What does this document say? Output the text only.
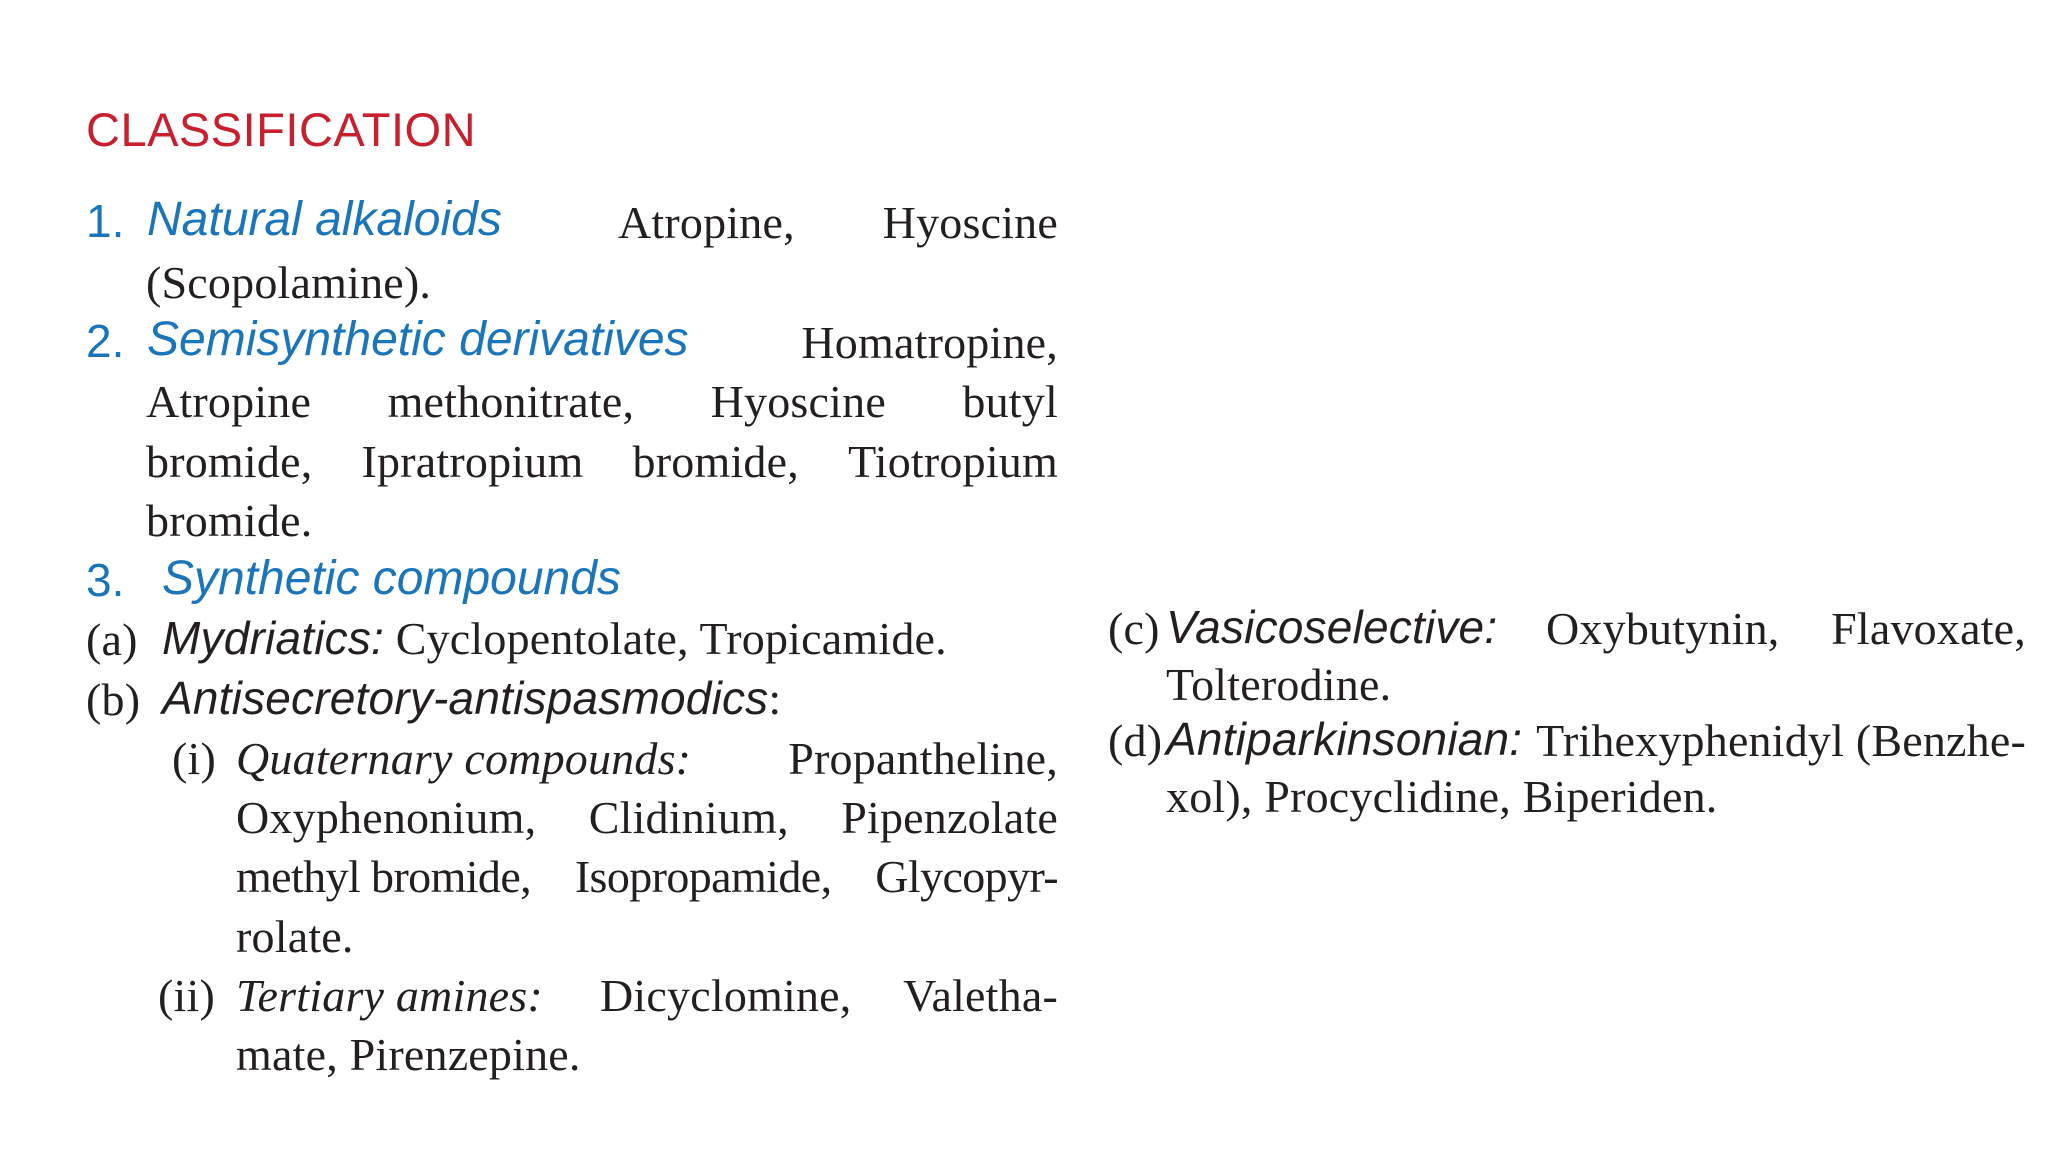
CLASSIFICATION
1. Natural alkaloids	Atropine, Hyoscine
(Scopolamine).
2. Semisynthetic derivatives Homatropine,
Atropine methonitrate, Hyoscine butyl
bromide, Ipratropium bromide, Tiotropium
bromide.
3. Synthetic compounds
(a) Mydriatics: Cyclopentolate, Tropicamide.
(b) Antisecretory-antispasmodics:
(i) Quaternary compounds: Propantheline,
Oxyphenonium, Clidinium, Pipenzolate
methyl bromide, Isopropamide, Glycopyr-
rolate.
(ii) Tertiary amines: Dicyclomine, Valetha-
mate, Pirenzepine.
(c) Vasicoselective: Oxybutynin, Flavoxate,
Tolterodine.
(d) Antiparkinsonian: Trihexyphenidyl (Benzhe-
xol), Procyclidine, Biperiden.
